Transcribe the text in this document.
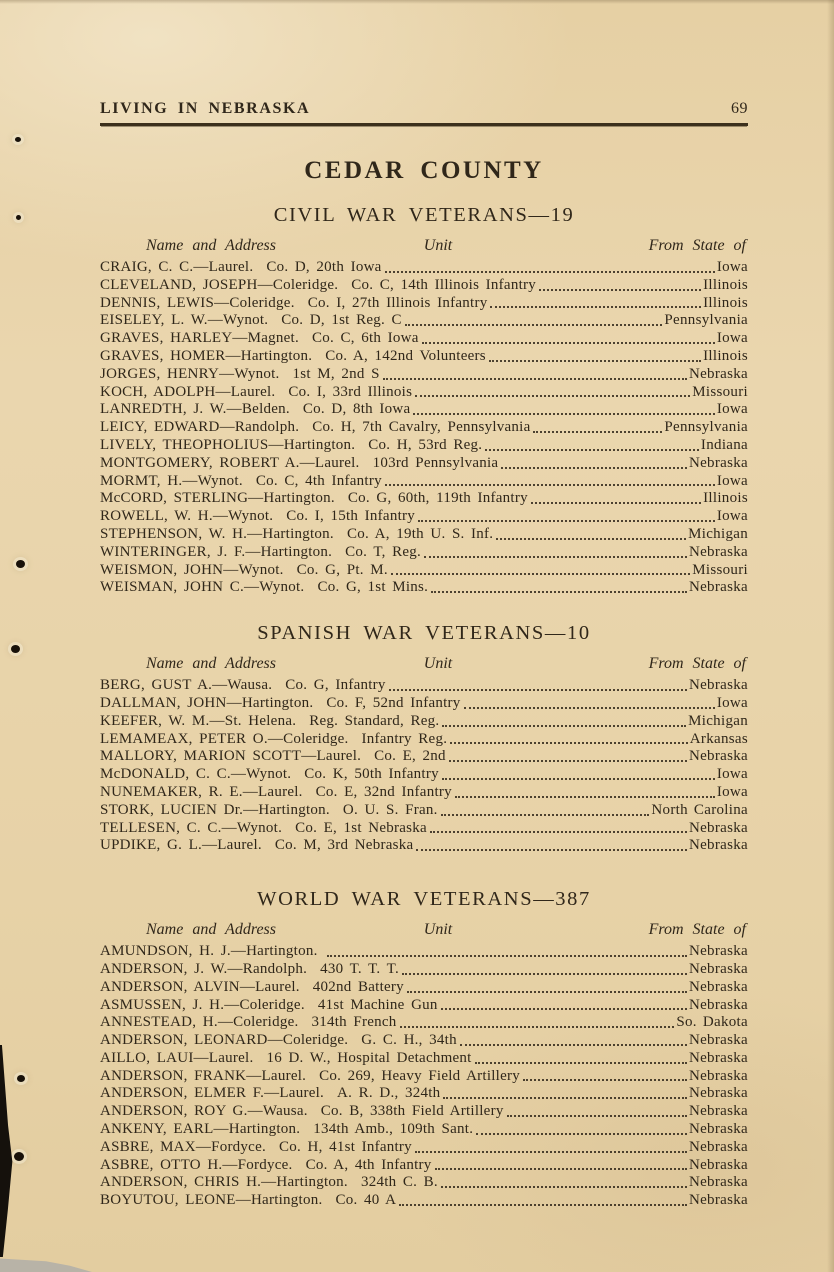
LIVING IN NEBRASKA	69
CEDAR COUNTY
CIVIL WAR VETERANS—19
Name and Address	Unit	From State of
CRAIG, C. C.—Laurel. Co. D, 20th Iowa	Iowa
CLEVELAND, JOSEPH—Coleridge. Co. C, 14th Illinois Infantry	Illinois
DENNIS, LEWIS—Coleridge. Co. I, 27th Illinois Infantry	Illinois
EISELEY, L. W.—Wynot. Co. D, 1st Reg. C	Pennsylvania
GRAVES, HARLEY—Magnet. Co. C, 6th Iowa	Iowa
GRAVES, HOMER—Hartington. Co. A, 142nd Volunteers	Illinois
JORGES, HENRY—Wynot. 1st M, 2nd S	Nebraska
KOCH, ADOLPH—Laurel. Co. I, 33rd Illinois	Missouri
LANREDTH, J. W.—Belden. Co. D, 8th Iowa	Iowa
LEICY, EDWARD—Randolph. Co. H, 7th Cavalry, Pennsylvania	Pennsylvania
LIVELY, THEOPHOLIUS—Hartington. Co. H, 53rd Reg.	Indiana
MONTGOMERY, ROBERT A.—Laurel. 103rd Pennsylvania	Nebraska
MORMT, H.—Wynot. Co. C, 4th Infantry	Iowa
McCORD, STERLING—Hartington. Co. G, 60th, 119th Infantry	Illinois
ROWELL, W. H.—Wynot. Co. I, 15th Infantry	Iowa
STEPHENSON, W. H.—Hartington. Co. A, 19th U. S. Inf.	Michigan
WINTERINGER, J. F.—Hartington. Co. T, Reg.	Nebraska
WEISMON, JOHN—Wynot. Co. G, Pt. M.	Missouri
WEISMAN, JOHN C.—Wynot. Co. G, 1st Mins.	Nebraska
SPANISH WAR VETERANS—10
Name and Address	Unit	From State of
BERG, GUST A.—Wausa. Co. G, Infantry	Nebraska
DALLMAN, JOHN—Hartington. Co. F, 52nd Infantry	Iowa
KEEFER, W. M.—St. Helena. Reg. Standard, Reg.	Michigan
LEMAMEAX, PETER O.—Coleridge. Infantry Reg.	Arkansas
MALLORY, MARION SCOTT—Laurel. Co. E, 2nd	Nebraska
McDONALD, C. C.—Wynot. Co. K, 50th Infantry	Iowa
NUNEMAKER, R. E.—Laurel. Co. E, 32nd Infantry	Iowa
STORK, LUCIEN Dr.—Hartington. O. U. S. Fran.	North Carolina
TELLESEN, C. C.—Wynot. Co. E, 1st Nebraska	Nebraska
UPDIKE, G. L.—Laurel. Co. M, 3rd Nebraska	Nebraska
WORLD WAR VETERANS—387
Name and Address	Unit	From State of
AMUNDSON, H. J.—Hartington.	Nebraska
ANDERSON, J. W.—Randolph. 430 T. T. T.	Nebraska
ANDERSON, ALVIN—Laurel. 402nd Battery	Nebraska
ASMUSSEN, J. H.—Coleridge. 41st Machine Gun	Nebraska
ANNESTEAD, H.—Coleridge. 314th French	So. Dakota
ANDERSON, LEONARD—Coleridge. G. C. H., 34th	Nebraska
AILLO, LAUI—Laurel. 16 D. W., Hospital Detachment	Nebraska
ANDERSON, FRANK—Laurel. Co. 269, Heavy Field Artillery	Nebraska
ANDERSON, ELMER F.—Laurel. A. R. D., 324th	Nebraska
ANDERSON, ROY G.—Wausa. Co. B, 338th Field Artillery	Nebraska
ANKENY, EARL—Hartington. 134th Amb., 109th Sant.	Nebraska
ASBRE, MAX—Fordyce. Co. H, 41st Infantry	Nebraska
ASBRE, OTTO H.—Fordyce. Co. A, 4th Infantry	Nebraska
ANDERSON, CHRIS H.—Hartington. 324th C. B.	Nebraska
BOYUTOU, LEONE—Hartington. Co. 40 A	Nebraska
